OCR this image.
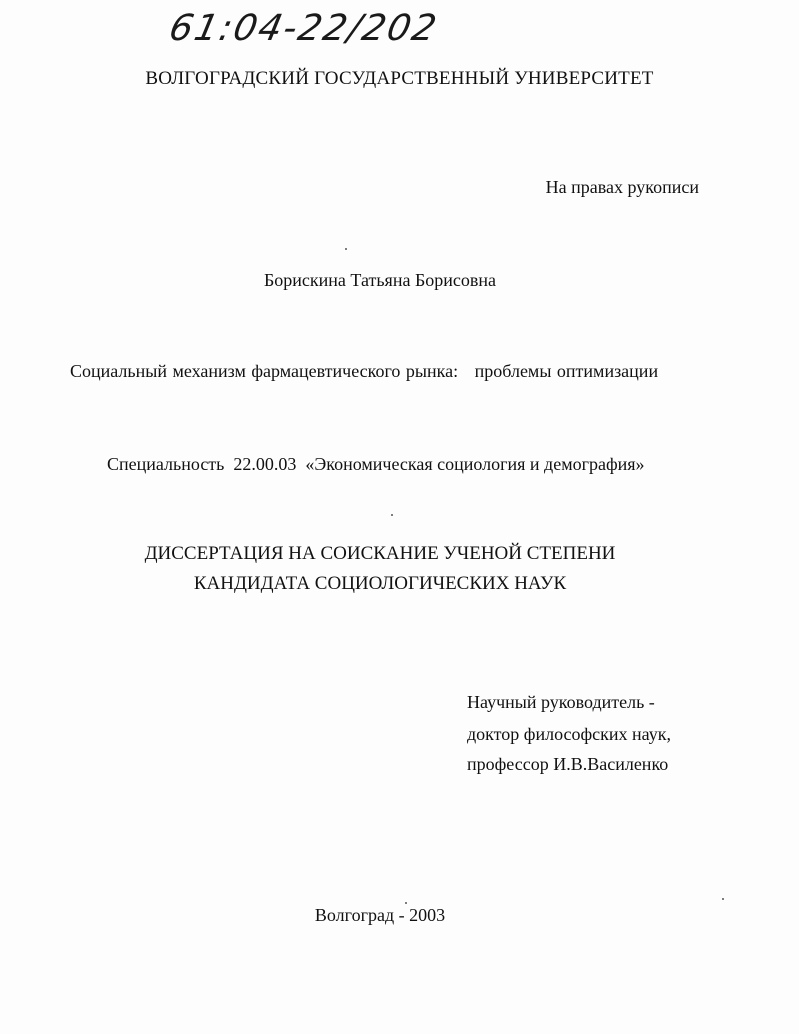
61:04-22/202
ВОЛГОГРАДСКИЙ ГОСУДАРСТВЕННЫЙ УНИВЕРСИТЕТ
На правах рукописи
Борискина Татьяна Борисовна
Социальный механизм фармацевтического рынка:   проблемы оптимизации
Специальность  22.00.03  «Экономическая социология и демография»
ДИССЕРТАЦИЯ НА СОИСКАНИЕ УЧЕНОЙ СТЕПЕНИ
КАНДИДАТА СОЦИОЛОГИЧЕСКИХ НАУК
Научный руководитель -
доктор философских наук,
профессор И.В.Василенко
Волгоград - 2003
